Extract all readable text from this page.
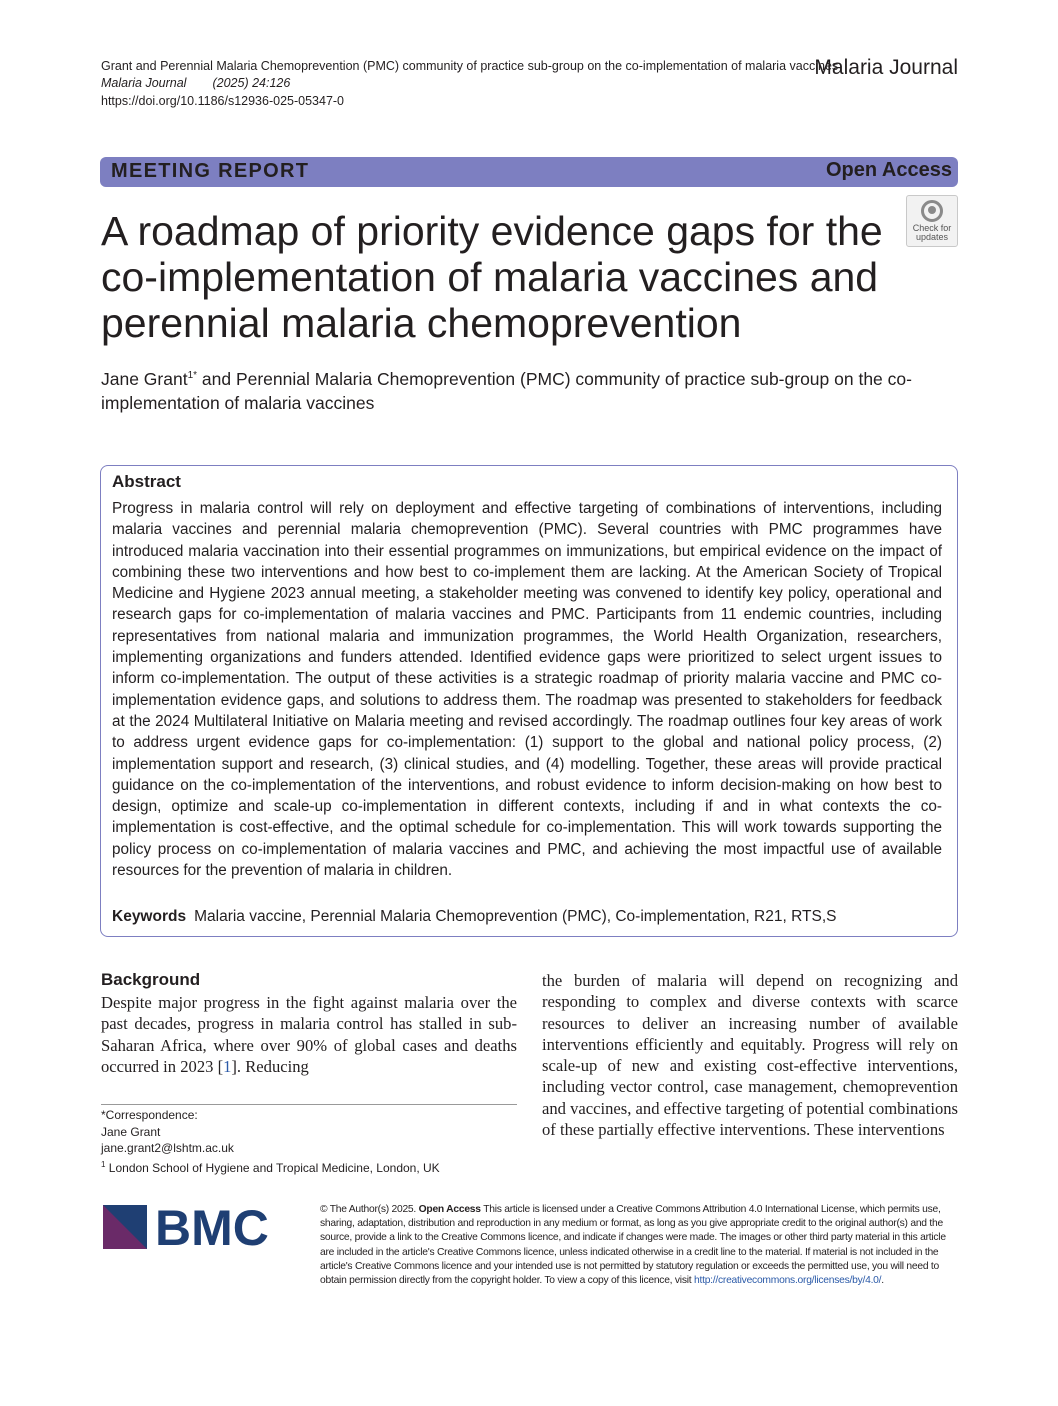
Grant and Perennial Malaria Chemoprevention (PMC) community of practice sub-group on the co-implementation of malaria vaccines
Malaria Journal (2025) 24:126
https://doi.org/10.1186/s12936-025-05347-0
Malaria Journal
MEETING REPORT	Open Access
Check for
updates
A roadmap of priority evidence gaps for the co-implementation of malaria vaccines and perennial malaria chemoprevention
Jane Grant$^{1*}$ and Perennial Malaria Chemoprevention (PMC) community of practice sub-group on the co-implementation of malaria vaccines
Abstract
Progress in malaria control will rely on deployment and effective targeting of combinations of interventions, including malaria vaccines and perennial malaria chemoprevention (PMC). Several countries with PMC programmes have introduced malaria vaccination into their essential programmes on immunizations, but empirical evidence on the impact of combining these two interventions and how best to co-implement them are lacking. At the American Society of Tropical Medicine and Hygiene 2023 annual meeting, a stakeholder meeting was convened to identify key policy, operational and research gaps for co-implementation of malaria vaccines and PMC. Participants from 11 endemic countries, including representatives from national malaria and immunization programmes, the World Health Organization, researchers, implementing organizations and funders attended. Identified evidence gaps were prioritized to select urgent issues to inform co-implementation. The output of these activities is a strategic roadmap of priority malaria vaccine and PMC co-implementation evidence gaps, and solutions to address them. The roadmap was presented to stakeholders for feedback at the 2024 Multilateral Initiative on Malaria meeting and revised accordingly. The roadmap outlines four key areas of work to address urgent evidence gaps for co-implementation: (1) support to the global and national policy process, (2) implementation support and research, (3) clinical studies, and (4) modelling. Together, these areas will provide practical guidance on the co-implementation of the interventions, and robust evidence to inform decision-making on how best to design, optimize and scale-up co-implementation in different contexts, including if and in what contexts the co-implementation is cost-effective, and the optimal schedule for co-implementation. This will work towards supporting the policy process on co-implementation of malaria vaccines and PMC, and achieving the most impactful use of available resources for the prevention of malaria in children.
Keywords Malaria vaccine, Perennial Malaria Chemoprevention (PMC), Co-implementation, R21, RTS,S
Background
Despite major progress in the fight against malaria over the past decades, progress in malaria control has stalled in sub-Saharan Africa, where over 90% of global cases and deaths occurred in 2023 [1]. Reducing
the burden of malaria will depend on recognizing and responding to complex and diverse contexts with scarce resources to deliver an increasing number of available interventions efficiently and equitably. Progress will rely on scale-up of new and existing cost-effective interventions, including vector control, case management, chemoprevention and vaccines, and effective targeting of potential combinations of these partially effective interventions. These interventions
*Correspondence:
Jane Grant
jane.grant2@lshtm.ac.uk
$^1$ London School of Hygiene and Tropical Medicine, London, UK
BMC	© The Author(s) 2025. Open Access This article is licensed under a Creative Commons Attribution 4.0 International License, which permits use, sharing, adaptation, distribution and reproduction in any medium or format, as long as you give appropriate credit to the original author(s) and the source, provide a link to the Creative Commons licence, and indicate if changes were made. The images or other third party material in this article are included in the article's Creative Commons licence, unless indicated otherwise in a credit line to the material. If material is not included in the article's Creative Commons licence and your intended use is not permitted by statutory regulation or exceeds the permitted use, you will need to obtain permission directly from the copyright holder. To view a copy of this licence, visit http://creativecommons.org/licenses/by/4.0/.
